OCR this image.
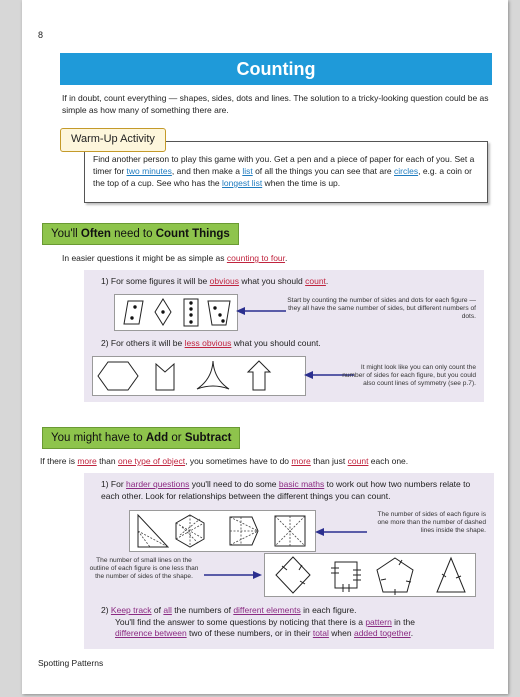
8
Counting
If in doubt, count everything — shapes, sides, dots and lines. The solution to a tricky-looking question could be as simple as how many of something there are.
Warm-Up Activity
Find another person to play this game with you. Get a pen and a piece of paper for each of you. Set a timer for two minutes, and then make a list of all the things you can see that are circles, e.g. a coin or the top of a cup. See who has the longest list when the time is up.
You'll Often need to Count Things
In easier questions it might be as simple as counting to four.
1) For some figures it will be obvious what you should count.
Start by counting the number of sides and dots for each figure — they all have the same number of sides, but different numbers of dots.
2) For others it will be less obvious what you should count.
It might look like you can only count the number of sides for each figure, but you could also count lines of symmetry (see p.7).
You might have to Add or Subtract
If there is more than one type of object, you sometimes have to do more than just count each one.
1) For harder questions you'll need to do some basic maths to work out how two numbers relate to each other. Look for relationships between the different things you can count.
The number of sides of each figure is one more than the number of dashed lines inside the shape.
The number of small lines on the outline of each figure is one less than the number of sides of the shape.
2) Keep track of all the numbers of different elements in each figure.
You'll find the answer to some questions by noticing that there is a pattern in the
difference between two of these numbers, or in their total when added together.
Spotting Patterns
